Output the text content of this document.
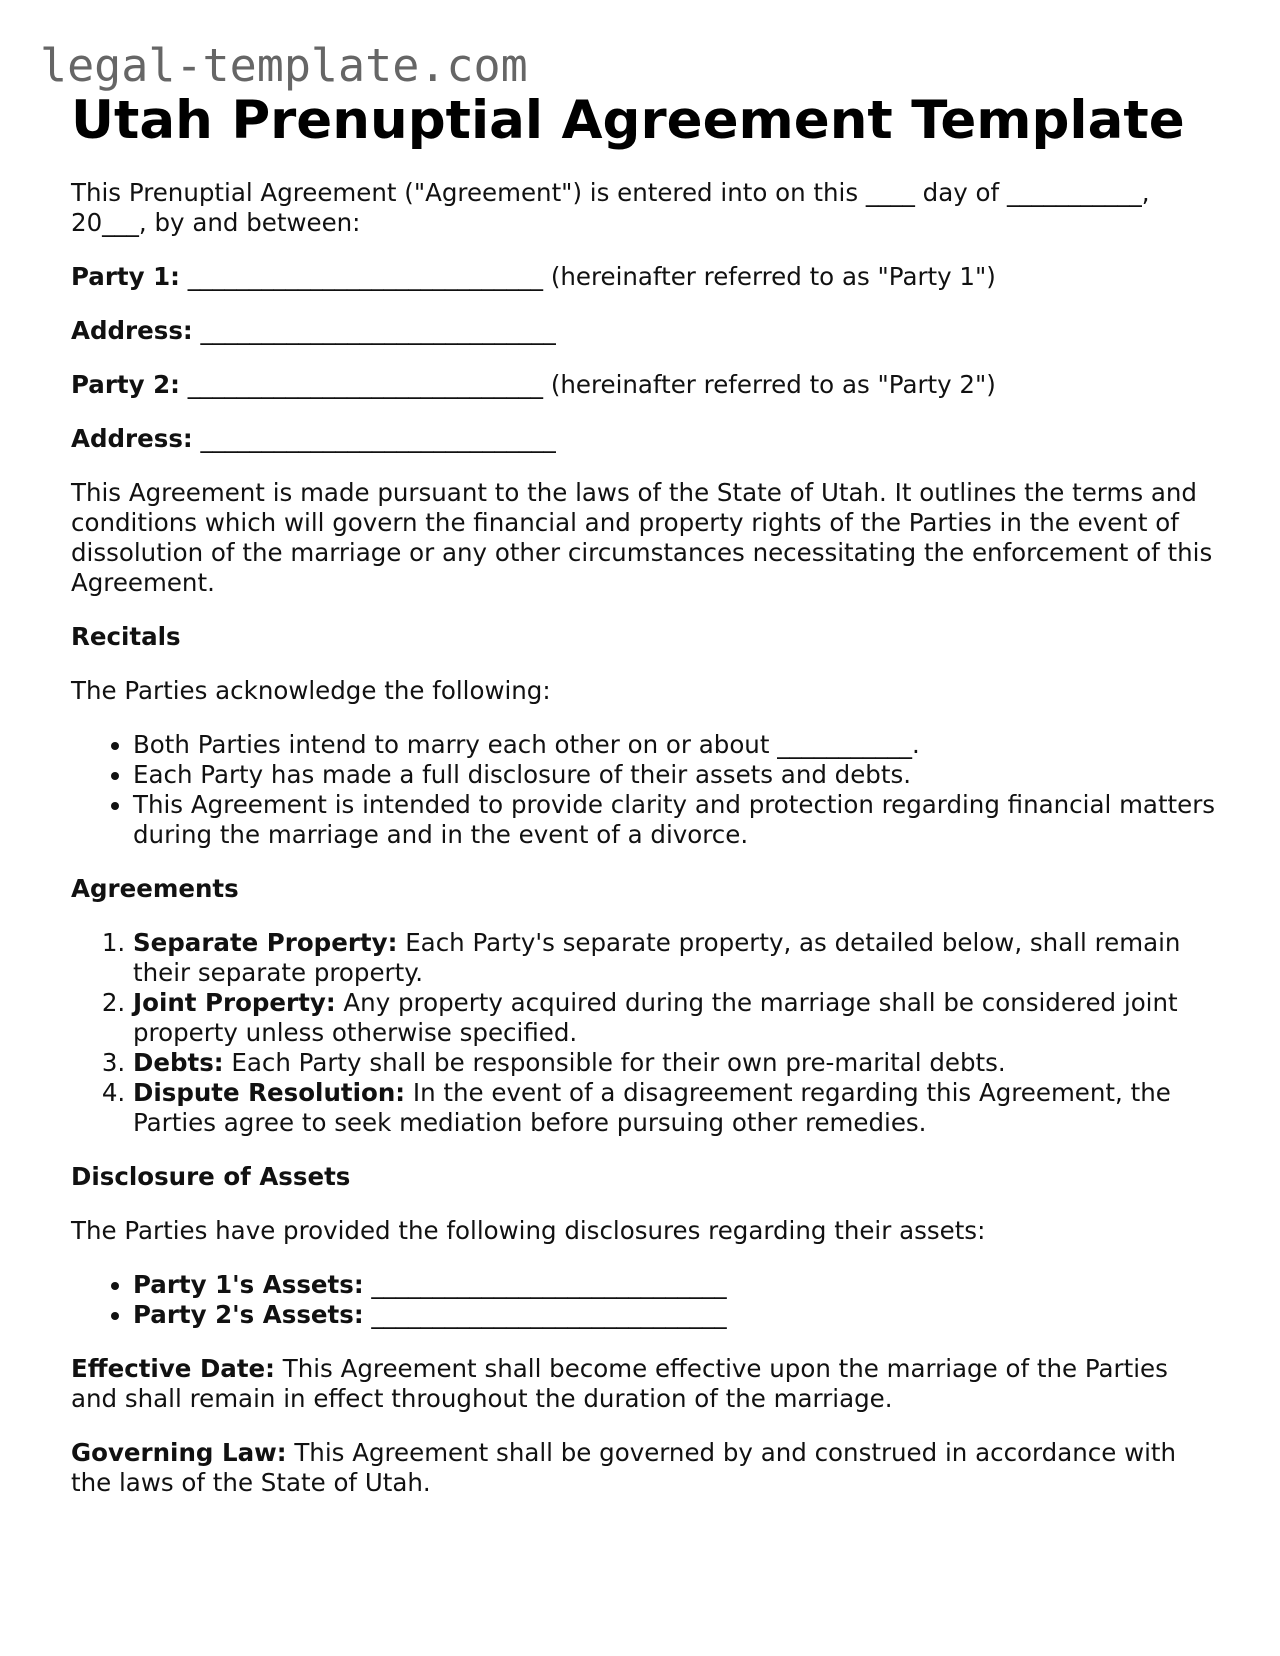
legal-template.com
Utah Prenuptial Agreement Template

This Prenuptial Agreement ("Agreement") is entered into on this ____ day of ___________, 20___, by and between:

Party 1: _____________________________ (hereinafter referred to as "Party 1")

Address: _____________________________

Party 2: _____________________________ (hereinafter referred to as "Party 2")

Address: _____________________________

This Agreement is made pursuant to the laws of the State of Utah. It outlines the terms and conditions which will govern the financial and property rights of the Parties in the event of dissolution of the marriage or any other circumstances necessitating the enforcement of this Agreement.

Recitals

The Parties acknowledge the following:

• Both Parties intend to marry each other on or about ___________.
• Each Party has made a full disclosure of their assets and debts.
• This Agreement is intended to provide clarity and protection regarding financial matters during the marriage and in the event of a divorce.

Agreements

1. Separate Property: Each Party's separate property, as detailed below, shall remain their separate property.
2. Joint Property: Any property acquired during the marriage shall be considered joint property unless otherwise specified.
3. Debts: Each Party shall be responsible for their own pre-marital debts.
4. Dispute Resolution: In the event of a disagreement regarding this Agreement, the Parties agree to seek mediation before pursuing other remedies.

Disclosure of Assets

The Parties have provided the following disclosures regarding their assets:

• Party 1's Assets: _____________________________
• Party 2's Assets: _____________________________

Effective Date: This Agreement shall become effective upon the marriage of the Parties and shall remain in effect throughout the duration of the marriage.

Governing Law: This Agreement shall be governed by and construed in accordance with the laws of the State of Utah.
